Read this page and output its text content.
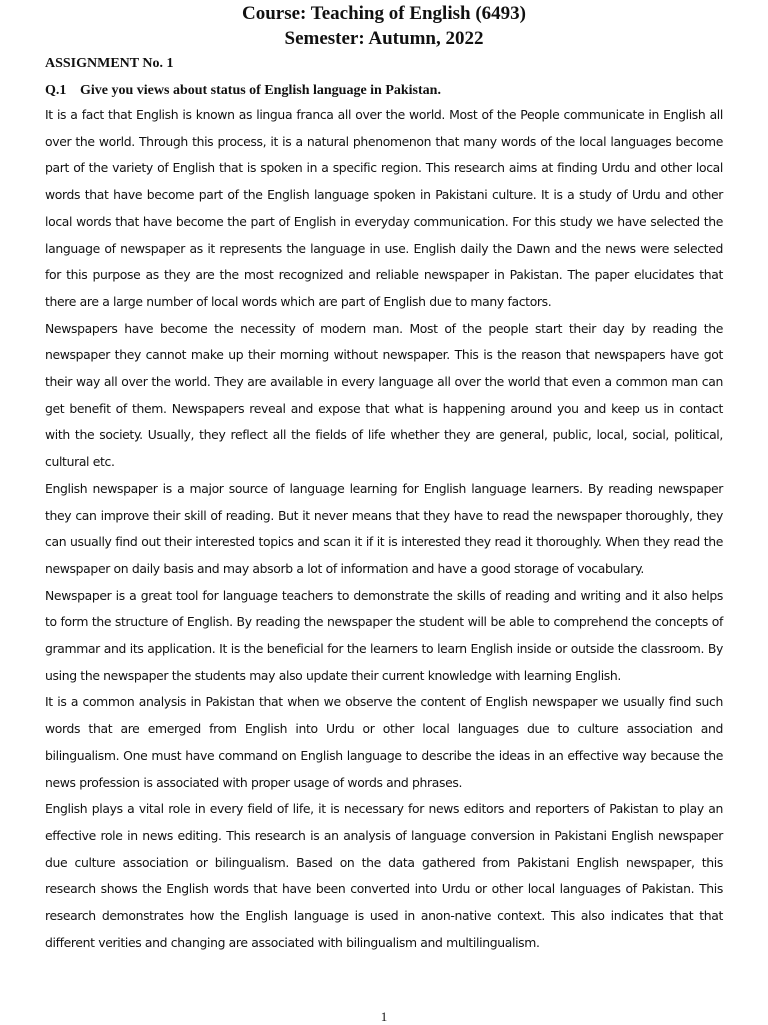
Course: Teaching of English (6493)
Semester: Autumn, 2022
ASSIGNMENT No. 1
Q.1 Give you views about status of English language in Pakistan.

It is a fact that English is known as lingua franca all over the world. Most of the People communicate in English all over the world. Through this process, it is a natural phenomenon that many words of the local languages become part of the variety of English that is spoken in a specific region. This research aims at finding Urdu and other local words that have become part of the English language spoken in Pakistani culture. It is a study of Urdu and other local words that have become the part of English in everyday communication. For this study we have selected the language of newspaper as it represents the language in use. English daily the Dawn and the news were selected for this purpose as they are the most recognized and reliable newspaper in Pakistan. The paper elucidates that there are a large number of local words which are part of English due to many factors.

Newspapers have become the necessity of modern man. Most of the people start their day by reading the newspaper they cannot make up their morning without newspaper. This is the reason that newspapers have got their way all over the world. They are available in every language all over the world that even a common man can get benefit of them. Newspapers reveal and expose that what is happening around you and keep us in contact with the society. Usually, they reflect all the fields of life whether they are general, public, local, social, political, cultural etc.

English newspaper is a major source of language learning for English language learners. By reading newspaper they can improve their skill of reading. But it never means that they have to read the newspaper thoroughly, they can usually find out their interested topics and scan it if it is interested they read it thoroughly. When they read the newspaper on daily basis and may absorb a lot of information and have a good storage of vocabulary.

Newspaper is a great tool for language teachers to demonstrate the skills of reading and writing and it also helps to form the structure of English. By reading the newspaper the student will be able to comprehend the concepts of grammar and its application. It is the beneficial for the learners to learn English inside or outside the classroom. By using the newspaper the students may also update their current knowledge with learning English.

It is a common analysis in Pakistan that when we observe the content of English newspaper we usually find such words that are emerged from English into Urdu or other local languages due to culture association and bilingualism. One must have command on English language to describe the ideas in an effective way because the news profession is associated with proper usage of words and phrases.

English plays a vital role in every field of life, it is necessary for news editors and reporters of Pakistan to play an effective role in news editing. This research is an analysis of language conversion in Pakistani English newspaper due culture association or bilingualism. Based on the data gathered from Pakistani English newspaper, this research shows the English words that have been converted into Urdu or other local languages of Pakistan. This research demonstrates how the English language is used in anon-native context. This also indicates that that different verities and changing are associated with bilingualism and multilingualism.

1
